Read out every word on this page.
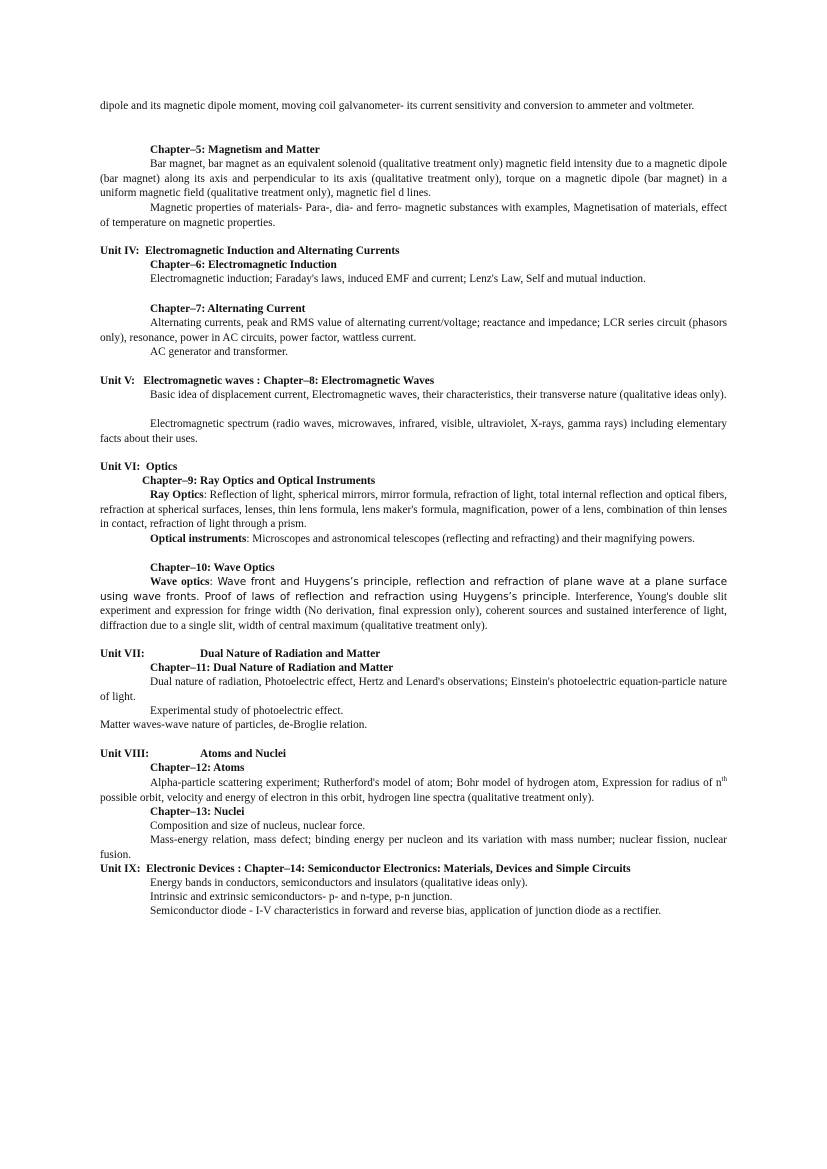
dipole and its magnetic dipole moment, moving coil galvanometer- its current sensitivity and conversion to ammeter and voltmeter.

Chapter–5: Magnetism and Matter

Bar magnet, bar magnet as an equivalent solenoid (qualitative treatment only) magnetic field intensity due to a magnetic dipole (bar magnet) along its axis and perpendicular to its axis (qualitative treatment only), torque on a magnetic dipole (bar magnet) in a uniform magnetic field (qualitative treatment only), magnetic fiel d lines.

Magnetic properties of materials- Para-, dia- and ferro- magnetic substances with examples, Magnetisation of materials, effect of temperature on magnetic properties.

Unit IV:  Electromagnetic Induction and Alternating Currents
Chapter–6: Electromagnetic Induction
Electromagnetic induction; Faraday's laws, induced EMF and current; Lenz's Law, Self and mutual induction.
Chapter–7: Alternating Current

Alternating currents, peak and RMS value of alternating current/voltage; reactance and impedance; LCR series circuit (phasors only), resonance, power in AC circuits, power factor, wattless current.

AC generator and transformer.
Unit V:   Electromagnetic waves : Chapter–8: Electromagnetic Waves

Basic idea of displacement current, Electromagnetic waves, their characteristics, their transverse nature (qualitative ideas only).

Electromagnetic spectrum (radio waves, microwaves, infrared, visible, ultraviolet, X-rays, gamma rays) including elementary facts about their uses.

Unit VI:  Optics
Chapter–9: Ray Optics and Optical Instruments

Ray Optics: Reflection of light, spherical mirrors, mirror formula, refraction of light, total internal reflection and optical fibers, refraction at spherical surfaces, lenses, thin lens formula, lens maker's formula, magnification, power of a lens, combination of thin lenses in contact, refraction of light through a prism.

Optical instruments: Microscopes and astronomical telescopes (reflecting and refracting) and their magnifying powers.

Chapter–10: Wave Optics

Wave optics: Wave front and Huygens’s principle, reflection and refraction of plane wave at a plane surface using wave fronts. Proof of laws of reflection and refraction using Huygens’s principle. Interference, Young's double slit experiment and expression for fringe width (No derivation, final expression only), coherent sources and sustained interference of light, diffraction due to a single slit, width of central maximum (qualitative treatment only).

Unit VII:	Dual Nature of Radiation and Matter
Chapter–11: Dual Nature of Radiation and Matter

Dual nature of radiation, Photoelectric effect, Hertz and Lenard's observations; Einstein's photoelectric equation-particle nature of light.

Experimental study of photoelectric effect.
Matter waves-wave nature of particles, de-Broglie relation.
Unit VIII:	Atoms and Nuclei
Chapter–12: Atoms

Alpha-particle scattering experiment; Rutherford's model of atom; Bohr model of hydrogen atom, Expression for radius of $n^{th}$ possible orbit, velocity and energy of electron in this orbit, hydrogen line spectra (qualitative treatment only).

Chapter–13: Nuclei
Composition and size of nucleus, nuclear force.

Mass-energy relation, mass defect; binding energy per nucleon and its variation with mass number; nuclear fission, nuclear fusion.

Unit IX:  Electronic Devices : Chapter–14: Semiconductor Electronics: Materials, Devices and Simple Circuits
Energy bands in conductors, semiconductors and insulators (qualitative ideas only).
Intrinsic and extrinsic semiconductors- p- and n-type, p-n junction.
Semiconductor diode - I-V characteristics in forward and reverse bias, application of junction diode as a rectifier.
